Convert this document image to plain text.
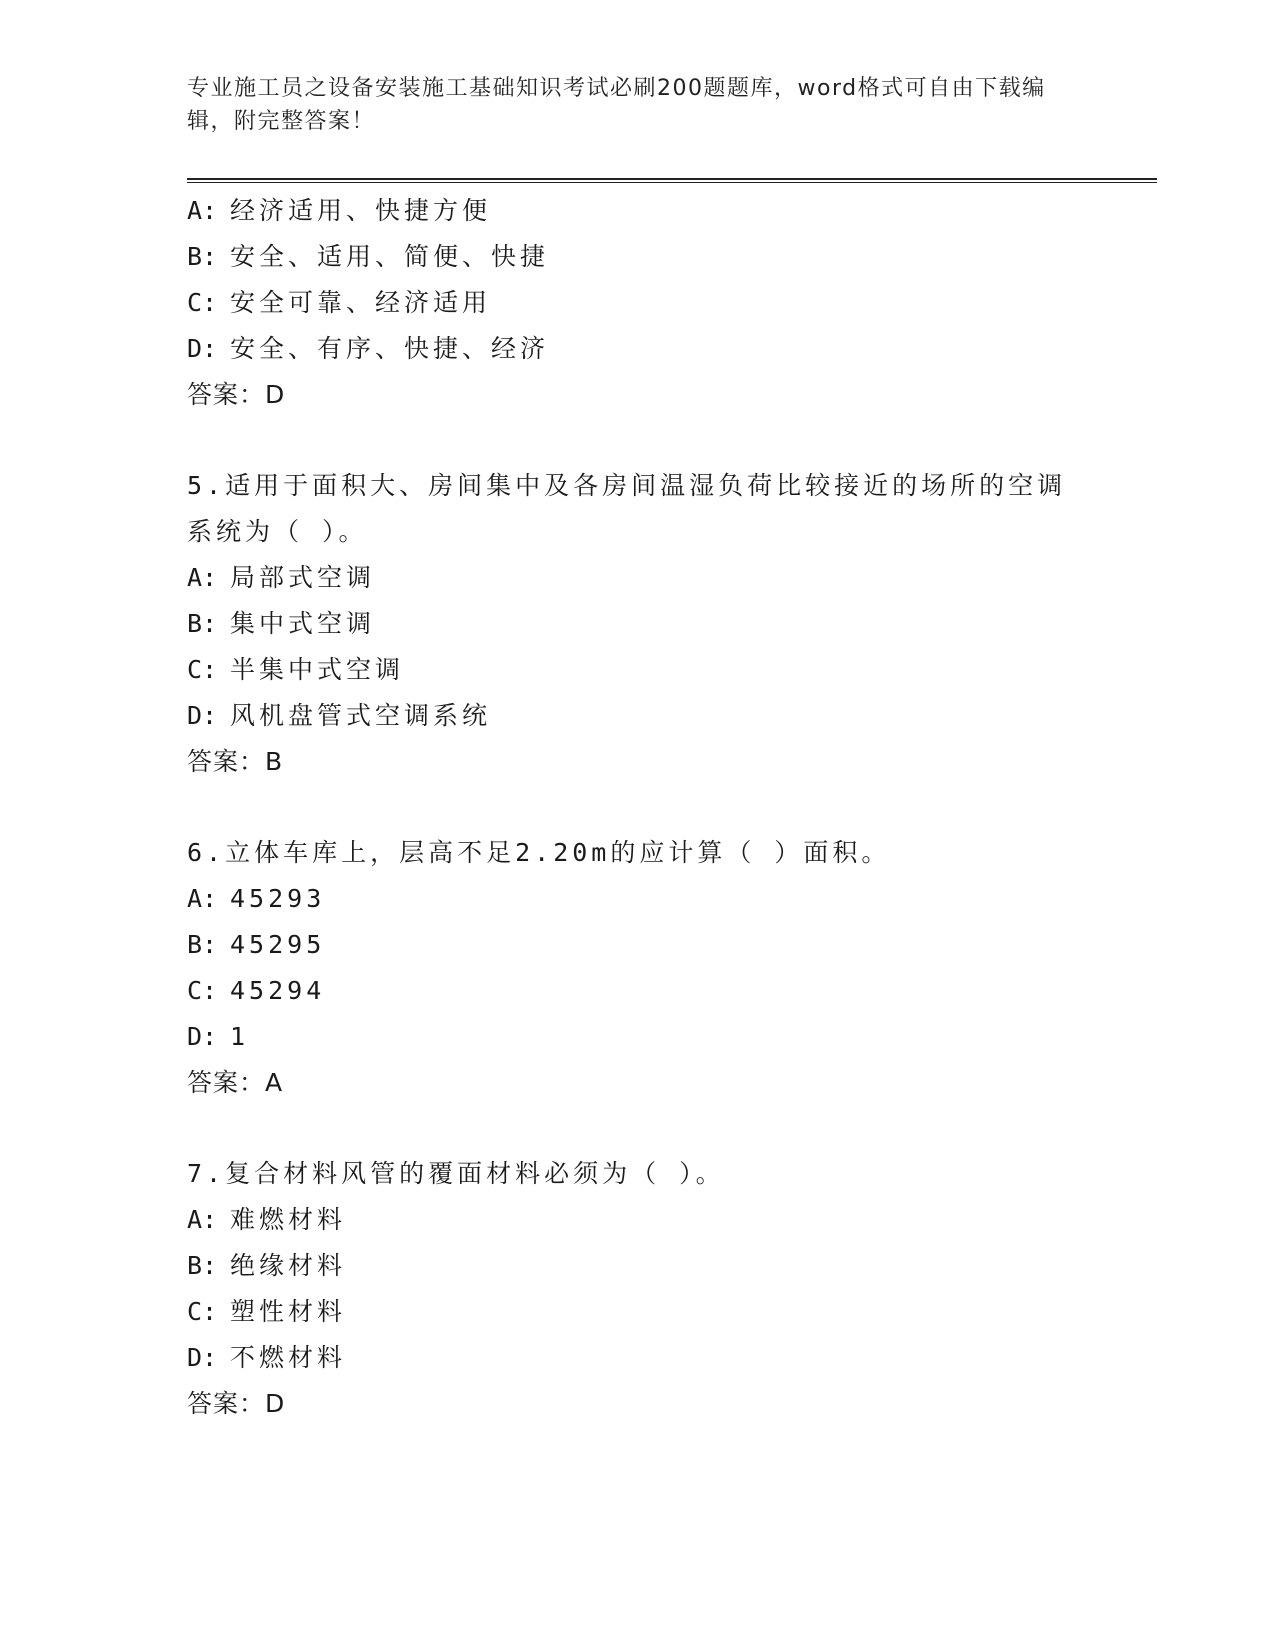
专业施工员之设备安装施工基础知识考试必刷200题题库，word格式可自由下载编辑，附完整答案！
A: 经济适用、快捷方便
B: 安全、适用、简便、快捷
C: 安全可靠、经济适用
D: 安全、有序、快捷、经济
答案：D
5.适用于面积大、房间集中及各房间温湿负荷比较接近的场所的空调系统为（ ）。
A: 局部式空调
B: 集中式空调
C: 半集中式空调
D: 风机盘管式空调系统
答案：B
6.立体车库上，层高不足2.20m的应计算（ ）面积。
A: 45293
B: 45295
C: 45294
D: 1
答案：A
7.复合材料风管的覆面材料必须为（ ）。
A: 难燃材料
B: 绝缘材料
C: 塑性材料
D: 不燃材料
答案：D
